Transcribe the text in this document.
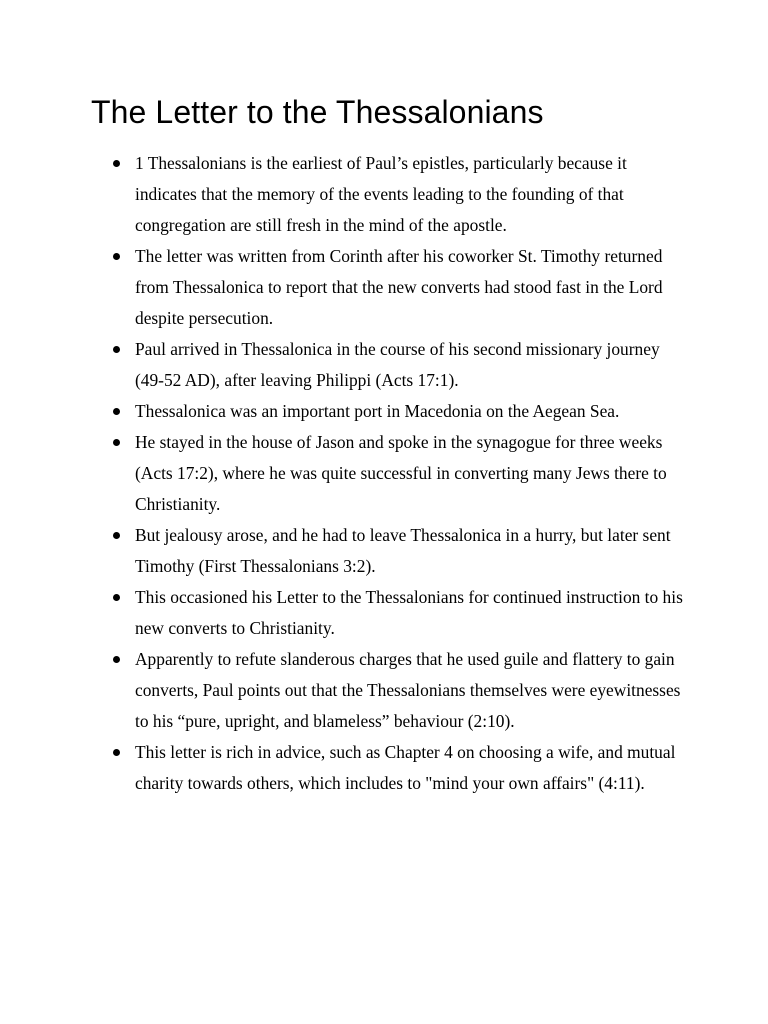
The Letter to the Thessalonians
1 Thessalonians is the earliest of Paul’s epistles, particularly because it indicates that the memory of the events leading to the founding of that congregation are still fresh in the mind of the apostle.
The letter was written from Corinth after his coworker St. Timothy returned from Thessalonica to report that the new converts had stood fast in the Lord despite persecution.
Paul arrived in Thessalonica in the course of his second missionary journey (49-52 AD), after leaving Philippi (Acts 17:1).
Thessalonica was an important port in Macedonia on the Aegean Sea.
He stayed in the house of Jason and spoke in the synagogue for three weeks (Acts 17:2), where he was quite successful in converting many Jews there to Christianity.
But jealousy arose, and he had to leave Thessalonica in a hurry, but later sent Timothy (First Thessalonians 3:2).
This occasioned his Letter to the Thessalonians for continued instruction to his new converts to Christianity.
Apparently to refute slanderous charges that he used guile and flattery to gain converts, Paul points out that the Thessalonians themselves were eyewitnesses to his “pure, upright, and blameless” behaviour (2:10).
This letter is rich in advice, such as Chapter 4 on choosing a wife, and mutual charity towards others, which includes to "mind your own affairs" (4:11).
